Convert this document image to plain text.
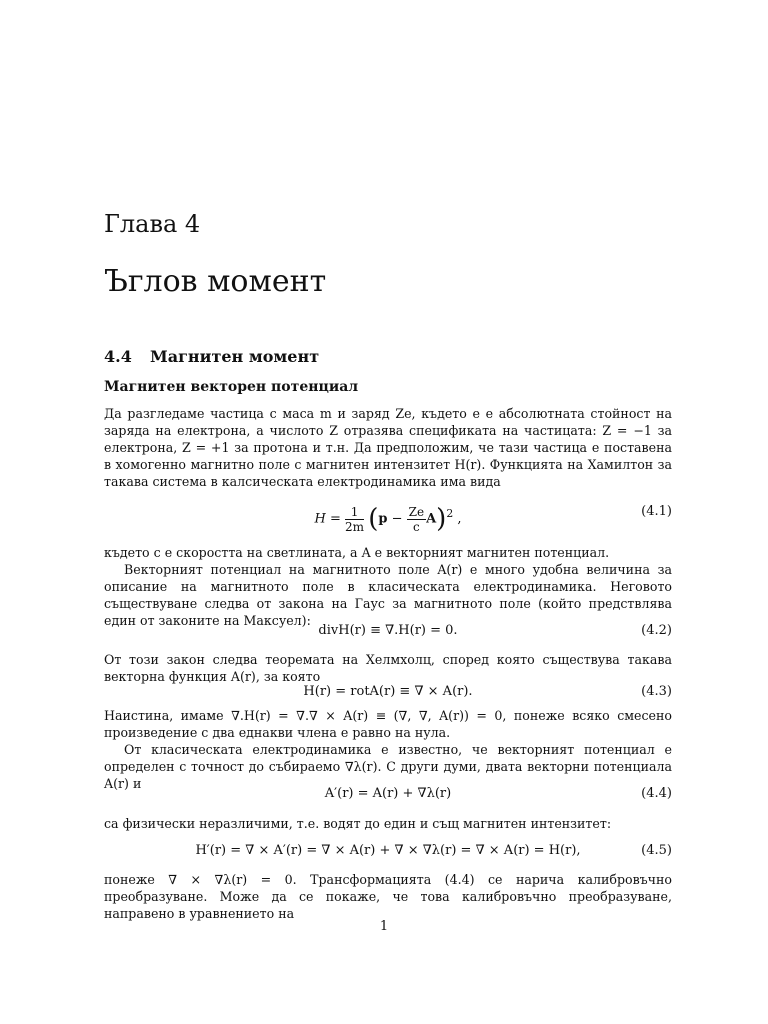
Глава 4
Ъглов момент
4.4 Магнитен момент
Магнитен векторен потенциал
Да разгледаме частица с маса m и заряд Ze, където e е абсолютната стойност на заряда на електрона, а числото Z отразява спецификата на частицата: Z = −1 за електрона, Z = +1 за протона и т.н. Да предположим, че тази частица е поставена в хомогенно магнитно поле с магнитен интензитет H(r). Функцията на Хамилтон за такава система в калсическата електродинамика има вида
$H = \frac{1}{2m} (p - \frac{Ze}{c} A)^2$ ,	(4.1)
където c е скоростта на светлината, а A е векторният магнитен потенциал.
Векторният потенциал на магнитното поле A(r) е много удобна величина за описание на магнитното поле в класическата електродинамика. Неговото съществуване следва от закона на Гаус за магнитното поле (който предствлява един от законите на Максуел):
divH(r) ≡ ∇.H(r) = 0.	(4.2)
От този закон следва теоремата на Хелмхолц, според която съществува такава векторна функция A(r), за която
H(r) = rotA(r) ≡ ∇ × A(r).	(4.3)
Наистина, имаме ∇.H(r) = ∇.∇ × A(r) ≡ (∇, ∇, A(r)) = 0, понеже всяко смесено произведение с два еднакви члена е равно на нула.
От класическата електродинамика е известно, че векторният потенциал е определен с точност до събираемо ∇λ(r). С други думи, двата векторни потенциала A(r) и
A′(r) = A(r) + ∇λ(r)	(4.4)
са физически неразличими, т.е. водят до един и същ магнитен интензитет:
H′(r) = ∇ × A′(r) = ∇ × A(r) + ∇ × ∇λ(r) = ∇ × A(r) = H(r),	(4.5)
понеже ∇ × ∇λ(r) = 0. Трансформацията (4.4) се нарича калибровъчно преобразуване. Може да се покаже, че това калибровъчно преобразуване, направено в уравнението на
1
